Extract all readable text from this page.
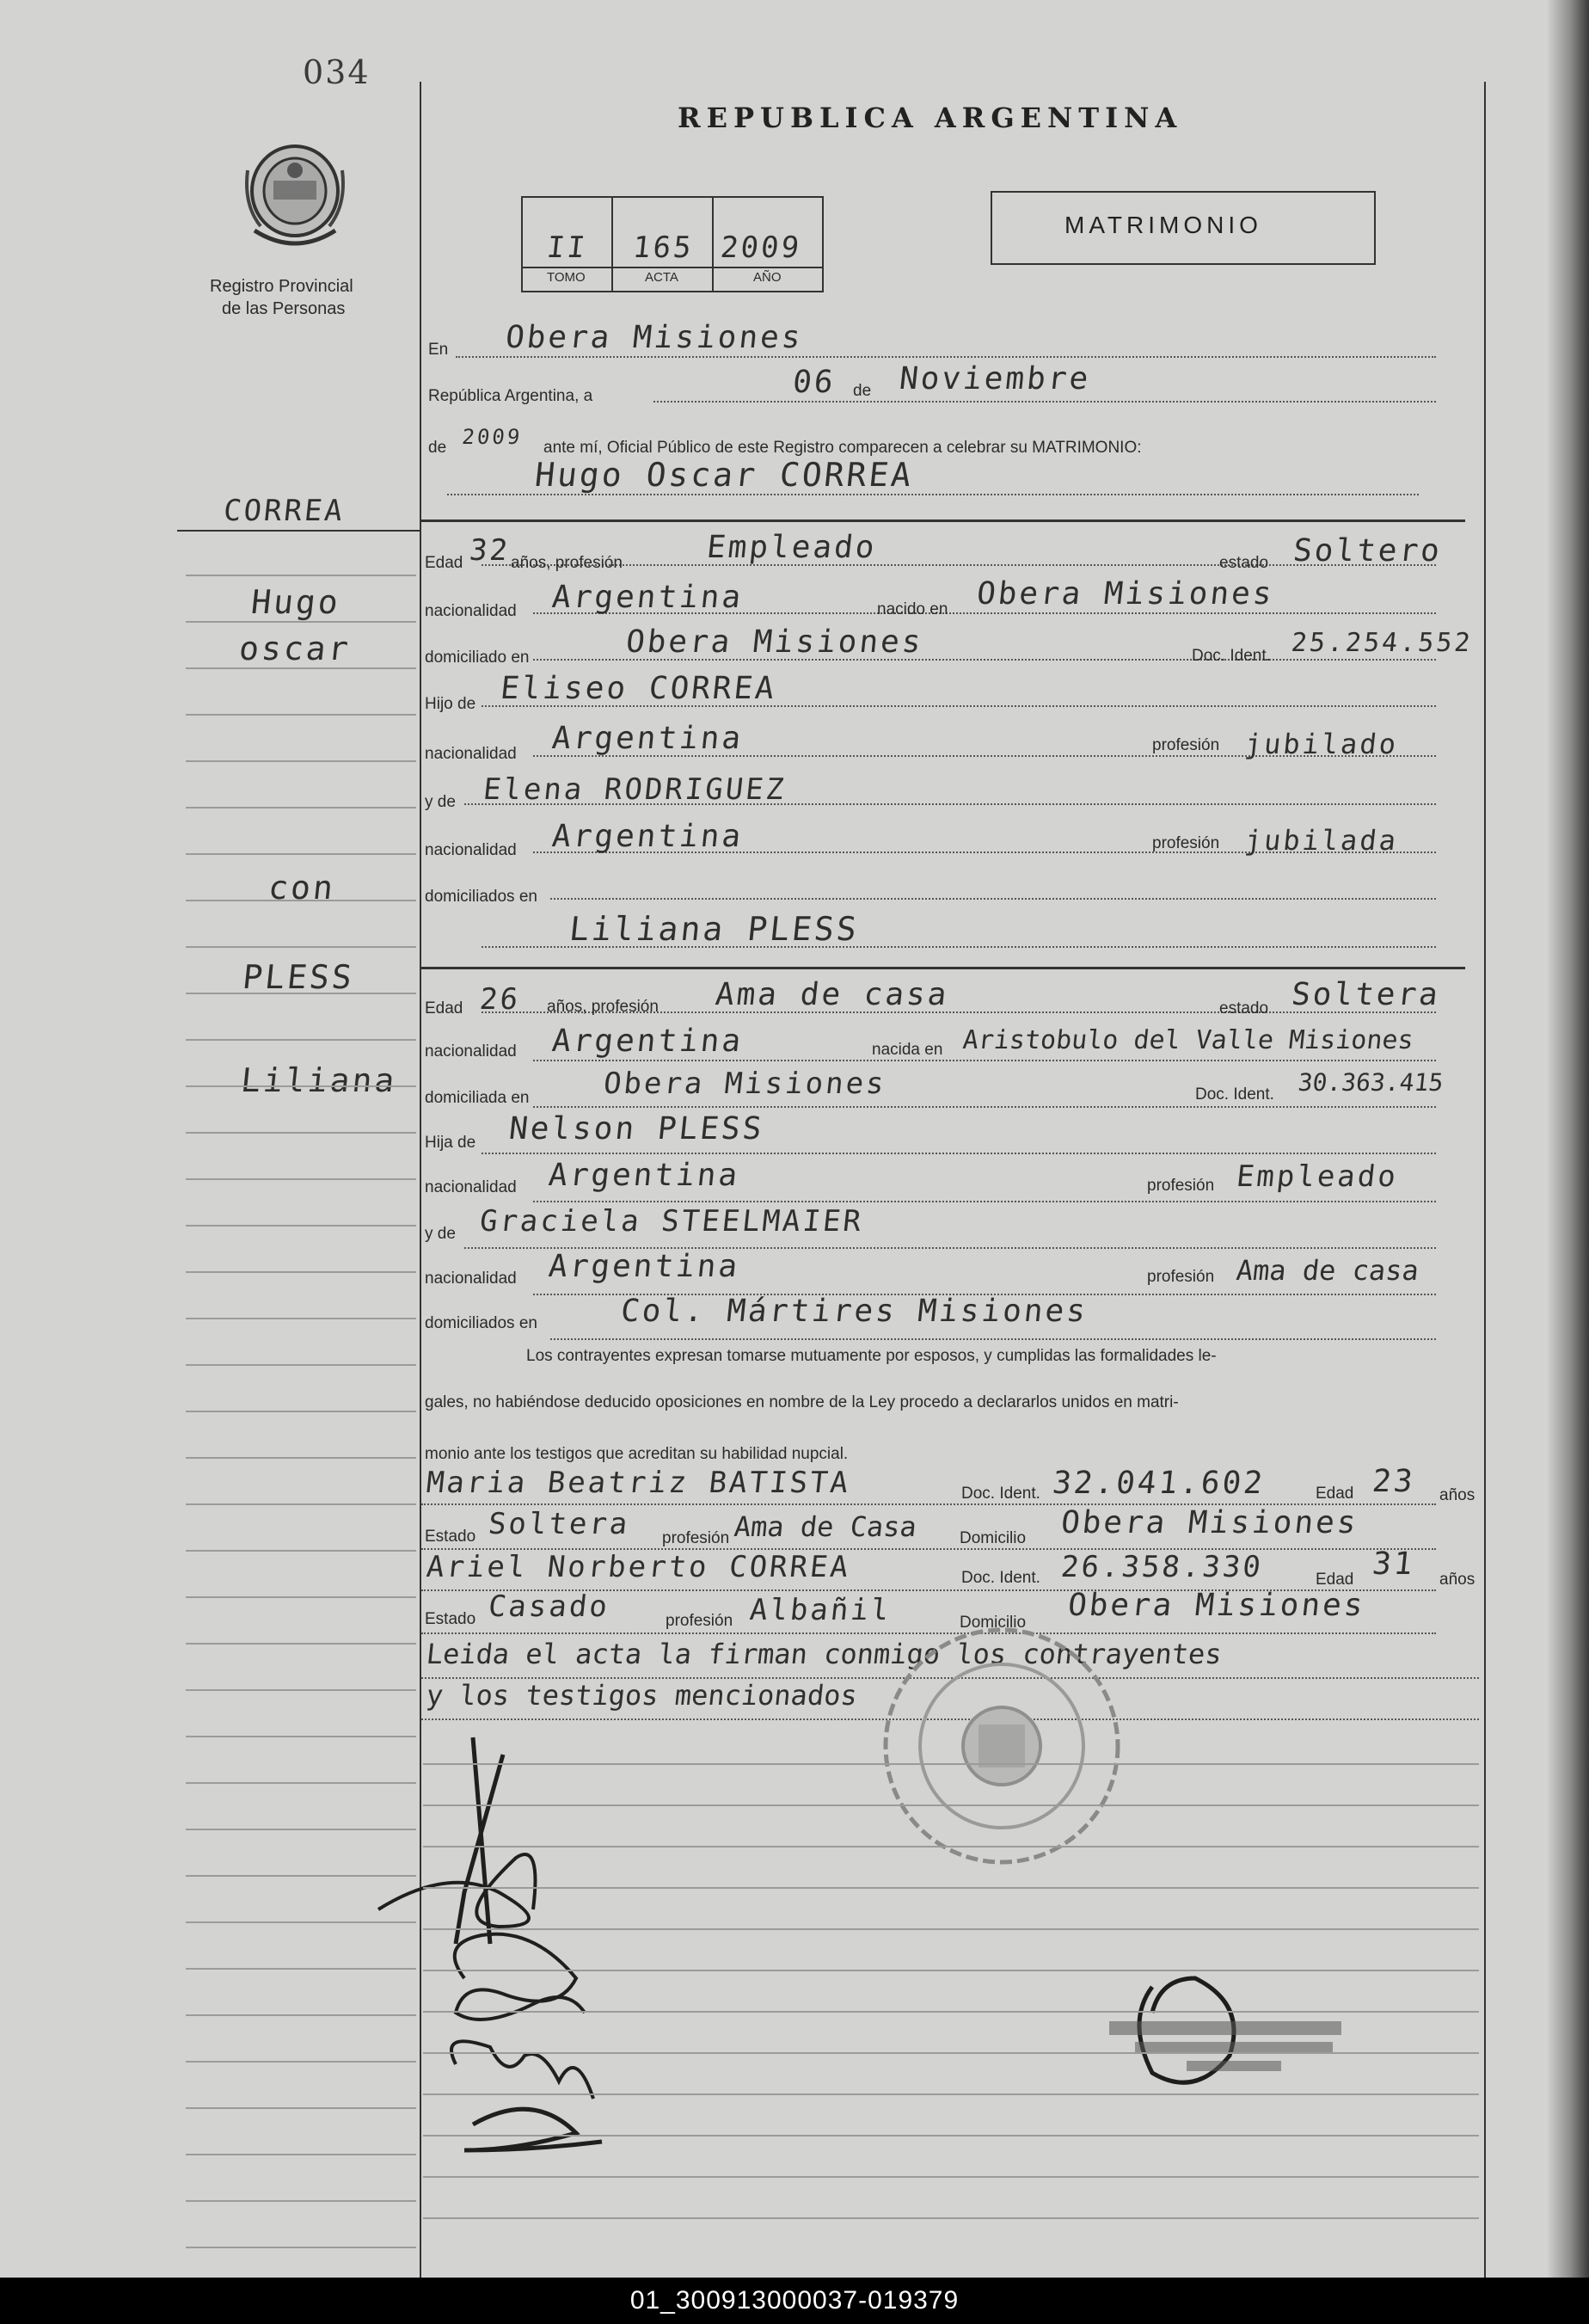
034
Registro Provincial
de las Personas
REPUBLICA ARGENTINA
II 165 2009
TOMO	ACTA	AÑO
MATRIMONIO
CORREA
Hugo
oscar
con
PLESS
Liliana
En Obera Misiones
República Argentina, a	06 de Noviembre
de 2009 ante mí, Oficial Público de este Registro comparecen a celebrar su MATRIMONIO:
Hugo Oscar CORREA
Edad 32
años, profesión	Empleado	estado Soltero
nacionalidad Argentina	nacido en Obera Misiones
domiciliado en	Obera Misiones	Doc. Ident. 25.254.552
Hijo de Eliseo CORREA
nacionalidad Argentina	profesión jubilado
y de Elena RODRIGUEZ
nacionalidad Argentina	profesión jubilada
domiciliados en
Liliana PLESS
Edad 26 años, profesión Ama de casa	estado Soltera
nacionalidad Argentina	nacida en Aristobulo del Valle Misiones
domiciliada en Obera Misiones	Doc. Ident. 30.363.415
Hija de Nelson PLESS
nacionalidad Argentina	profesión Empleado
y de Graciela STEELMAIER
nacionalidad Argentina	profesión Ama de casa
domiciliados en	Col. Mártires Misiones
Los contrayentes expresan tomarse mutuamente por esposos, y cumplidas las formalidades le-
gales, no habiéndose deducido oposiciones en nombre de la Ley procedo a declararlos unidos en matri-
monio ante los testigos que acreditan su habilidad nupcial.
Maria Beatriz BATISTA	Doc. Ident. 32.041.602	Edad 23 años
Estado Soltera profesión Ama de Casa	Domicilio Obera Misiones
Ariel Norberto CORREA	Doc. Ident. 26.358.330	Edad 31 años
Estado Casado	profesión Albañil	Domicilio Obera Misiones
Leida el acta la firman conmigo los contrayentes
y los testigos mencionados
01_300913000037-019379
